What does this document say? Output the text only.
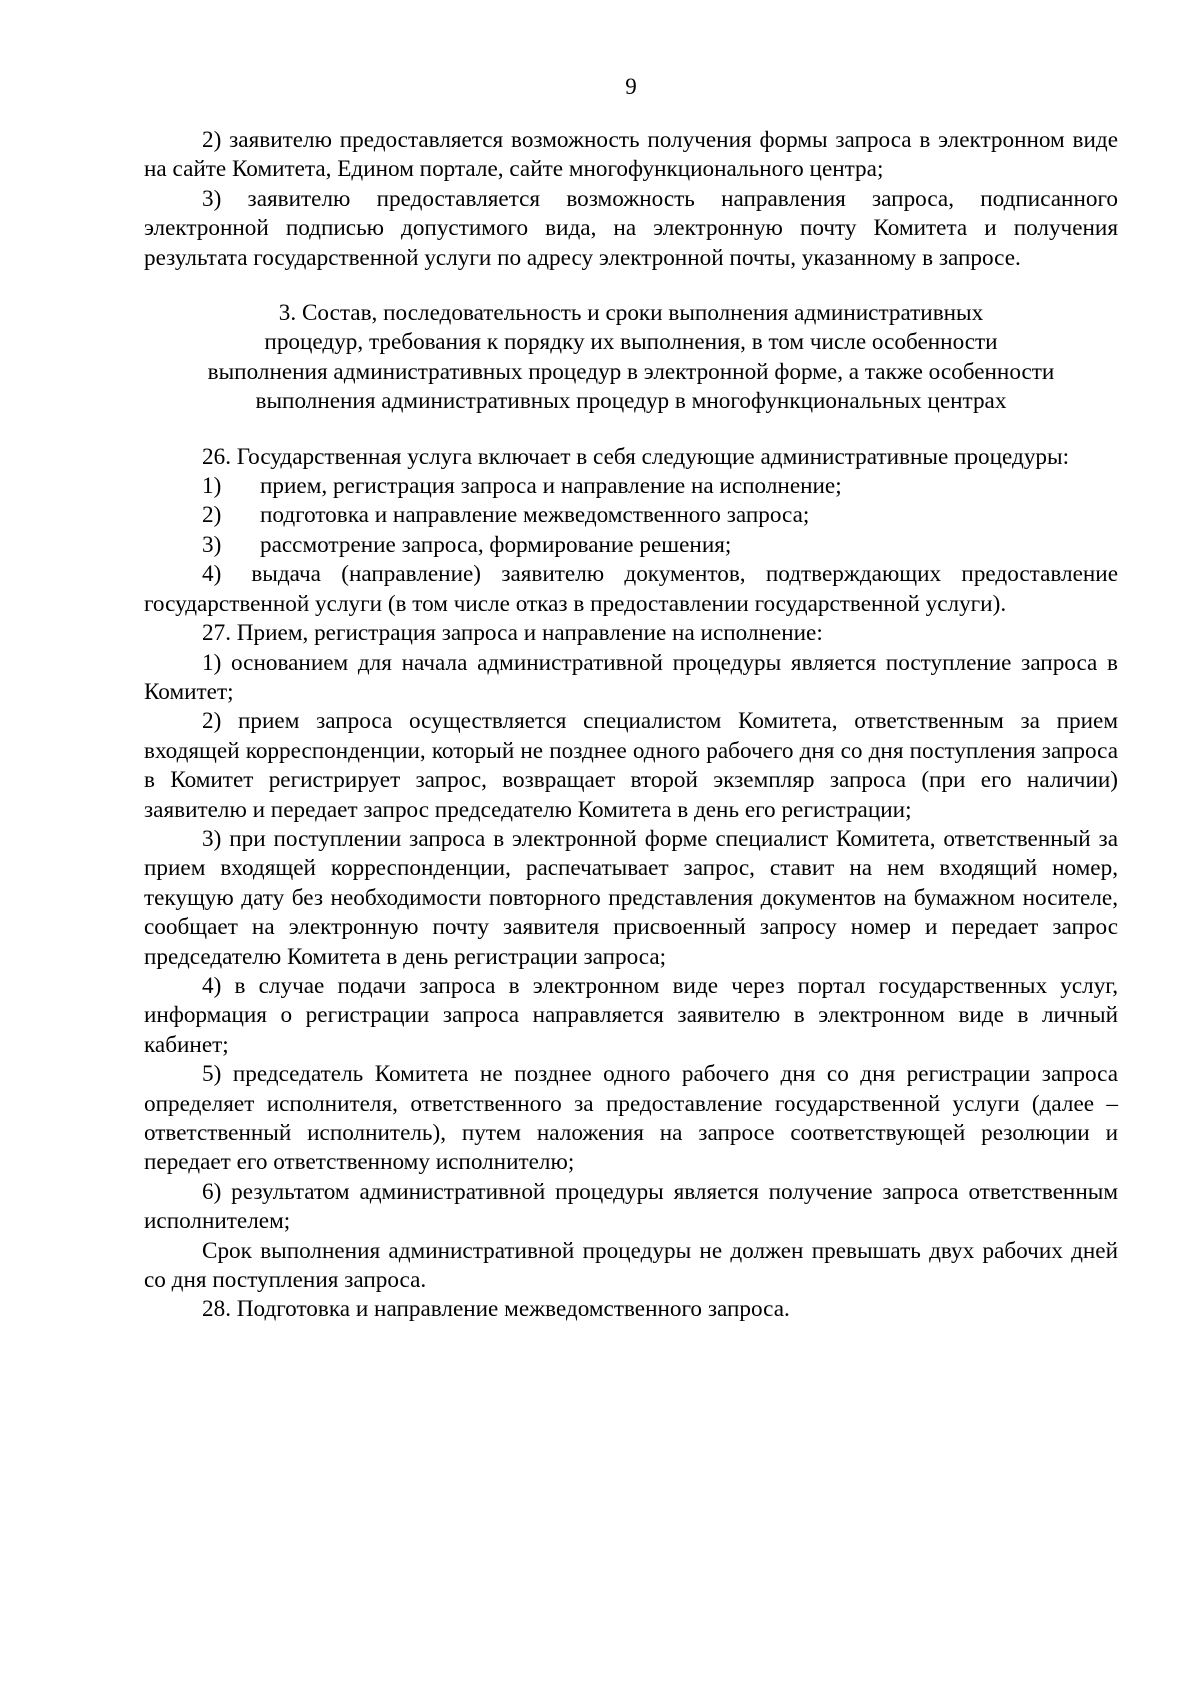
9

2) заявителю предоставляется возможность получения формы запроса в электронном виде на сайте Комитета, Едином портале, сайте многофункционального центра;

3) заявителю предоставляется возможность направления запроса, подписанного электронной подписью допустимого вида, на электронную почту Комитета и получения результата государственной услуги по адресу электронной почты, указанному в запросе.

3. Состав, последовательность и сроки выполнения административных

процедур, требования к порядку их выполнения, в том числе особенности

выполнения административных процедур в электронной форме, а также особенности

выполнения административных процедур в многофункциональных центрах

26. Государственная услуга включает в себя следующие административные процедуры:

1)	прием, регистрация запроса и направление на исполнение;
2)	подготовка и направление межведомственного запроса;
3)	рассмотрение запроса, формирование решения;

4) выдача (направление) заявителю документов, подтверждающих предоставление государственной услуги (в том числе отказ в предоставлении государственной услуги).

27. Прием, регистрация запроса и направление на исполнение:

1) основанием для начала административной процедуры является поступление запроса в Комитет;

2) прием запроса осуществляется специалистом Комитета, ответственным за прием входящей корреспонденции, который не позднее одного рабочего дня со дня поступления запроса в Комитет регистрирует запрос, возвращает второй экземпляр запроса (при его наличии) заявителю и передает запрос председателю Комитета в день его регистрации;

3) при поступлении запроса в электронной форме специалист Комитета, ответственный за прием входящей корреспонденции, распечатывает запрос, ставит на нем входящий номер, текущую дату без необходимости повторного представления документов на бумажном носителе, сообщает на электронную почту заявителя присвоенный запросу номер и передает запрос председателю Комитета в день регистрации запроса;

4) в случае подачи запроса в электронном виде через портал государственных услуг, информация о регистрации запроса направляется заявителю в электронном виде в личный кабинет;

5) председатель Комитета не позднее одного рабочего дня со дня регистрации запроса определяет исполнителя, ответственного за предоставление государственной услуги (далее – ответственный исполнитель), путем наложения на запросе соответствующей резолюции и передает его ответственному исполнителю;

6) результатом административной процедуры является получение запроса ответственным исполнителем;

Срок выполнения административной процедуры не должен превышать двух рабочих дней со дня поступления запроса.

28. Подготовка и направление межведомственного запроса.
